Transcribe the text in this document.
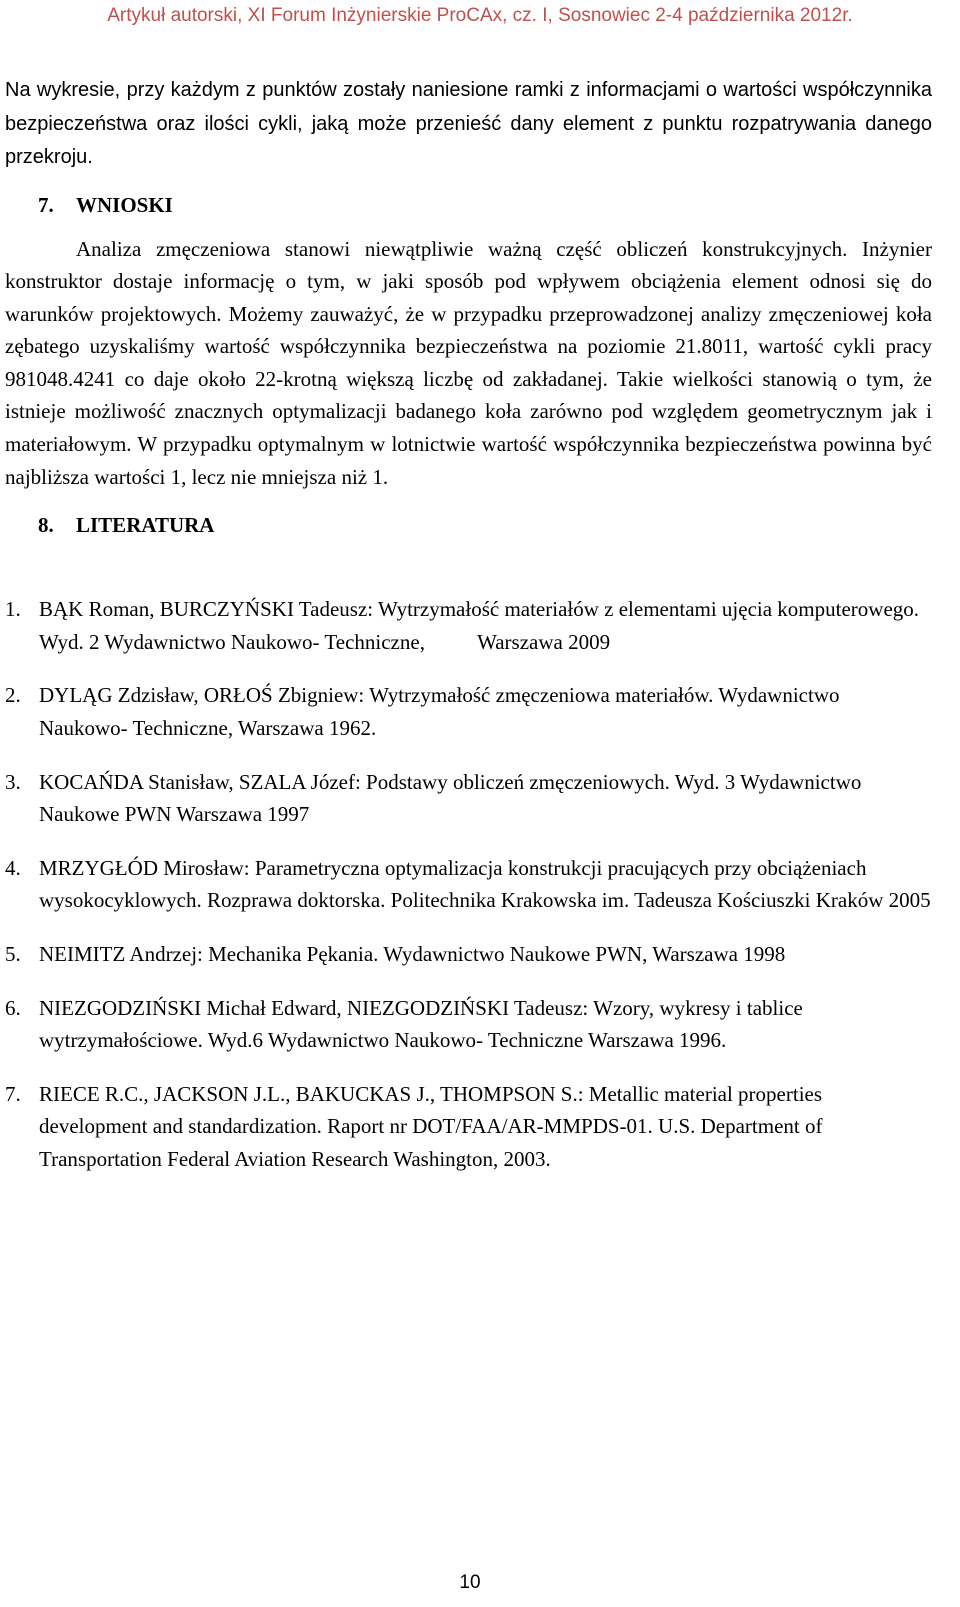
Artykuł autorski, XI Forum Inżynierskie ProCAx, cz. I, Sosnowiec 2-4 października 2012r.

Na wykresie, przy każdym z punktów zostały naniesione ramki z informacjami o wartości współczynnika bezpieczeństwa oraz ilości cykli, jaką może przenieść dany element z punktu rozpatrywania danego przekroju.

7. WNIOSKI

Analiza zmęczeniowa stanowi niewątpliwie ważną część obliczeń konstrukcyjnych. Inżynier konstruktor dostaje informację o tym, w jaki sposób pod wpływem obciążenia element odnosi się do warunków projektowych. Możemy zauważyć, że w przypadku przeprowadzonej analizy zmęczeniowej koła zębatego uzyskaliśmy wartość współczynnika bezpieczeństwa na poziomie 21.8011, wartość cykli pracy 981048.4241 co daje około 22-krotną większą liczbę od zakładanej. Takie wielkości stanowią o tym, że istnieje możliwość znacznych optymalizacji badanego koła zarówno pod względem geometrycznym jak i materiałowym. W przypadku optymalnym w lotnictwie wartość współczynnika bezpieczeństwa powinna być najbliższa wartości 1, lecz nie mniejsza niż 1.

8. LITERATURA
1. BĄK Roman, BURCZYŃSKI Tadeusz: Wytrzymałość materiałów z elementami ujęcia komputerowego. Wyd. 2 Wydawnictwo Naukowo- Techniczne,          Warszawa 2009
2. DYLĄG Zdzisław, ORŁOŚ Zbigniew: Wytrzymałość zmęczeniowa materiałów. Wydawnictwo Naukowo- Techniczne, Warszawa 1962.
3. KOCAŃDA Stanisław, SZALA Józef: Podstawy obliczeń zmęczeniowych. Wyd. 3 Wydawnictwo Naukowe PWN Warszawa 1997
4. MRZYGŁÓD Mirosław: Parametryczna optymalizacja konstrukcji pracujących przy obciążeniach wysokocyklowych. Rozprawa doktorska. Politechnika Krakowska im. Tadeusza Kościuszki Kraków 2005
5. NEIMITZ Andrzej: Mechanika Pękania. Wydawnictwo Naukowe PWN, Warszawa 1998
6. NIEZGODZIŃSKI Michał Edward, NIEZGODZIŃSKI Tadeusz: Wzory, wykresy i tablice wytrzymałościowe. Wyd.6 Wydawnictwo Naukowo- Techniczne Warszawa 1996.
7. RIECE R.C., JACKSON J.L., BAKUCKAS J., THOMPSON S.: Metallic material properties development and standardization. Raport nr DOT/FAA/AR-MMPDS-01. U.S. Department of Transportation Federal Aviation Research Washington, 2003.
10
